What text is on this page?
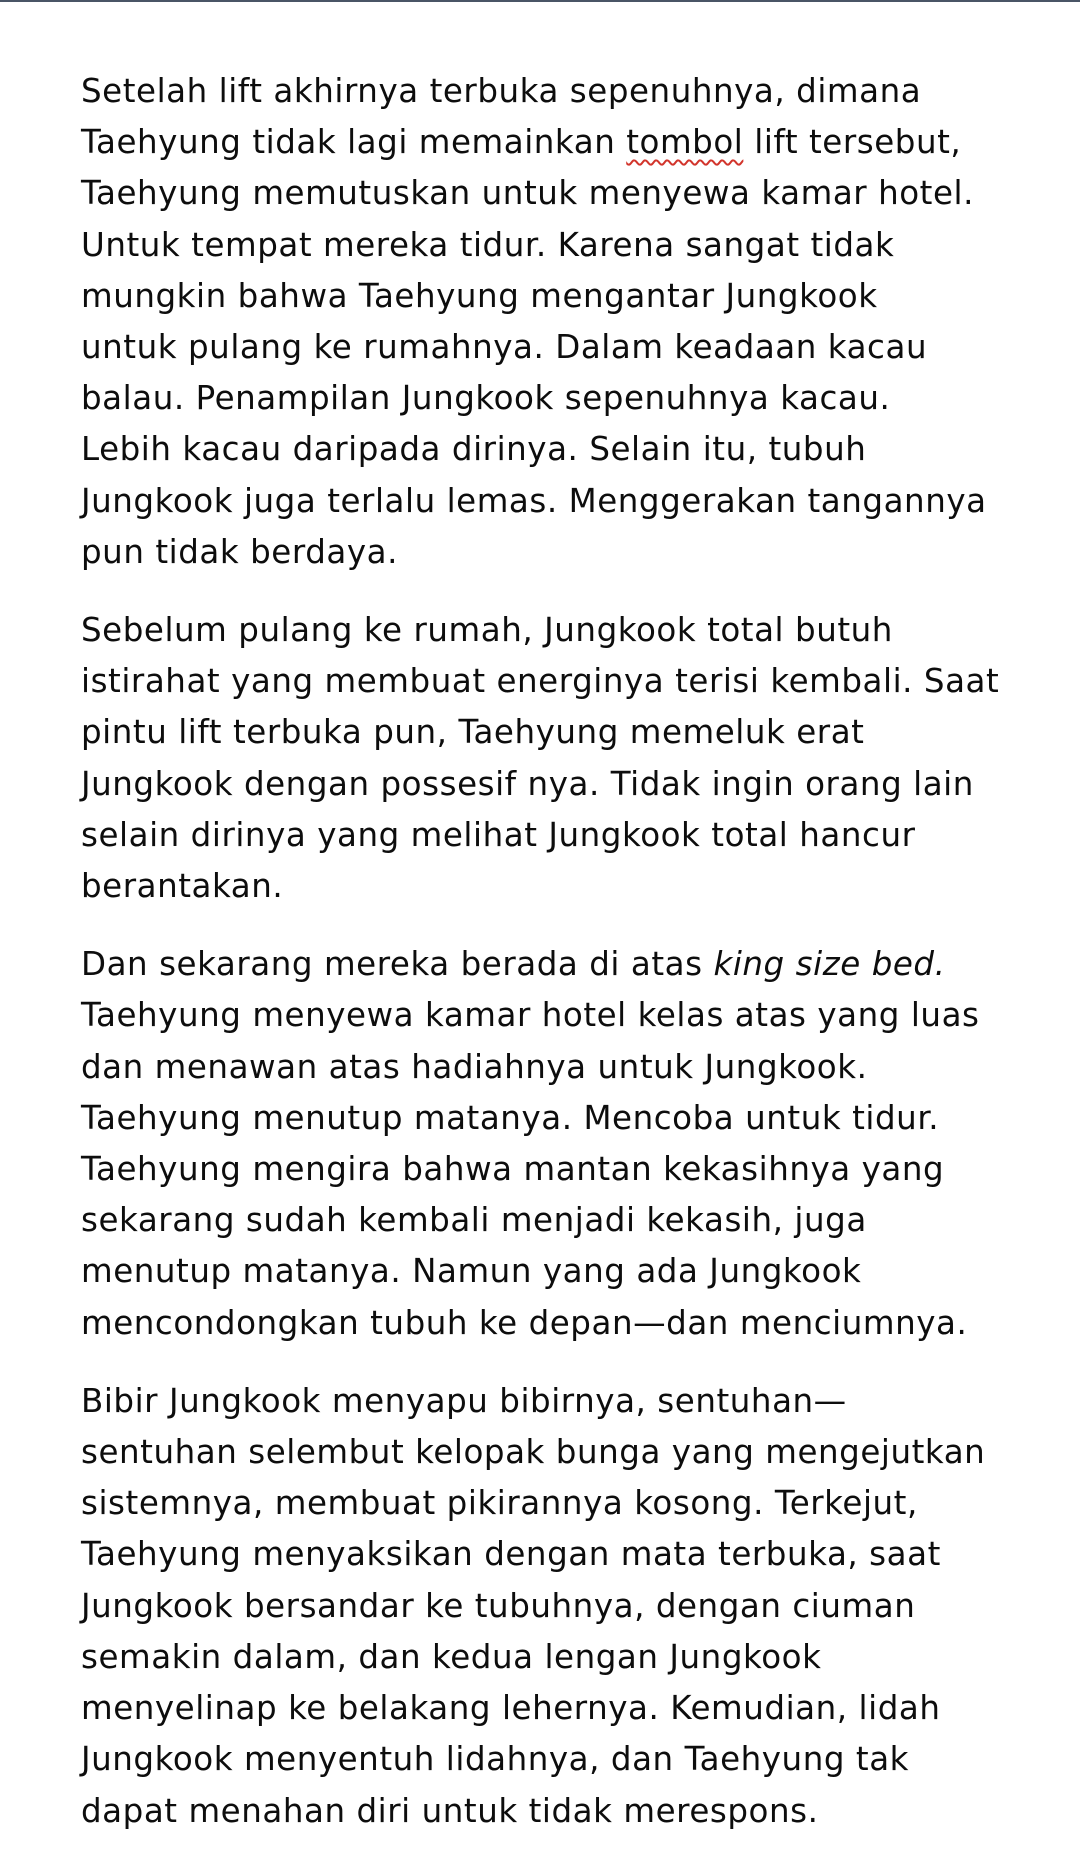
Setelah lift akhirnya terbuka sepenuhnya, dimana
Taehyung tidak lagi memainkan tombol lift tersebut,
Taehyung memutuskan untuk menyewa kamar hotel.
Untuk tempat mereka tidur. Karena sangat tidak
mungkin bahwa Taehyung mengantar Jungkook
untuk pulang ke rumahnya. Dalam keadaan kacau
balau. Penampilan Jungkook sepenuhnya kacau.
Lebih kacau daripada dirinya. Selain itu, tubuh
Jungkook juga terlalu lemas. Menggerakan tangannya
pun tidak berdaya.
Sebelum pulang ke rumah, Jungkook total butuh
istirahat yang membuat energinya terisi kembali. Saat
pintu lift terbuka pun, Taehyung memeluk erat
Jungkook dengan possesif nya. Tidak ingin orang lain
selain dirinya yang melihat Jungkook total hancur
berantakan.
Dan sekarang mereka berada di atas king size bed.
Taehyung menyewa kamar hotel kelas atas yang luas
dan menawan atas hadiahnya untuk Jungkook.
Taehyung menutup matanya. Mencoba untuk tidur.
Taehyung mengira bahwa mantan kekasihnya yang
sekarang sudah kembali menjadi kekasih, juga
menutup matanya. Namun yang ada Jungkook
mencondongkan tubuh ke depan—dan menciumnya.
Bibir Jungkook menyapu bibirnya, sentuhan—
sentuhan selembut kelopak bunga yang mengejutkan
sistemnya, membuat pikirannya kosong. Terkejut,
Taehyung menyaksikan dengan mata terbuka, saat
Jungkook bersandar ke tubuhnya, dengan ciuman
semakin dalam, dan kedua lengan Jungkook
menyelinap ke belakang lehernya. Kemudian, lidah
Jungkook menyentuh lidahnya, dan Taehyung tak
dapat menahan diri untuk tidak merespons.
